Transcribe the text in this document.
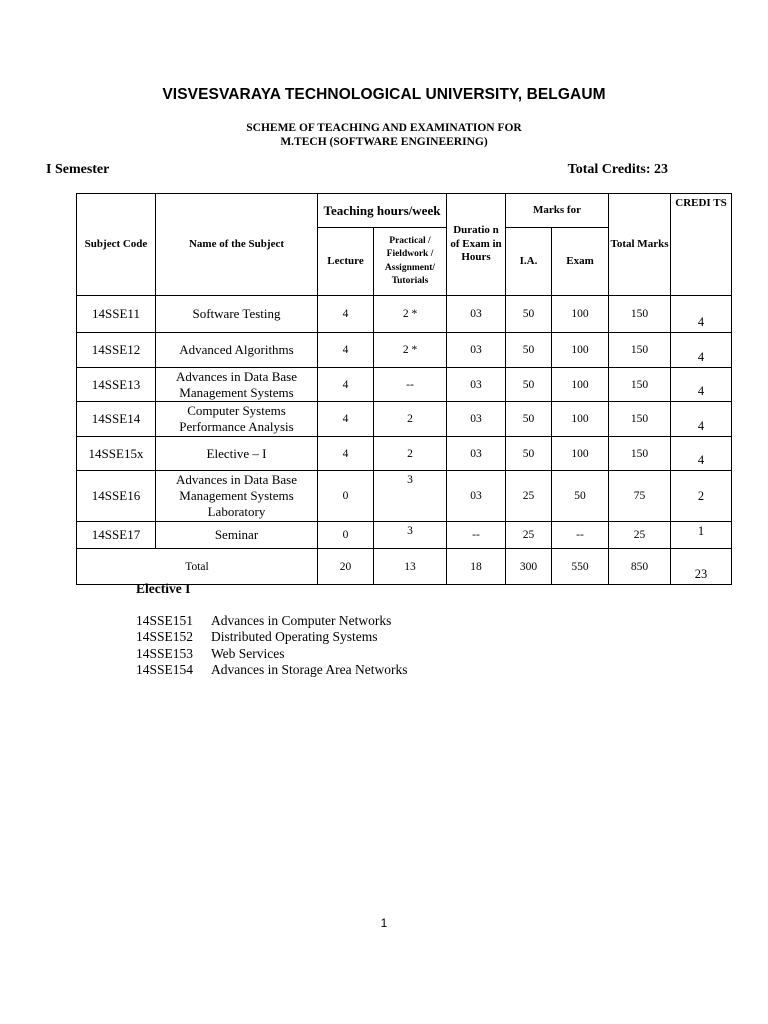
VISVESVARAYA TECHNOLOGICAL UNIVERSITY, BELGAUM
SCHEME OF TEACHING AND EXAMINATION FOR
M.TECH (SOFTWARE ENGINEERING)
I Semester	Total Credits: 23
Subject Code	Name of the Subject	Teaching hours/week		Duratio n of Exam in Hours	Marks for		Total Marks	CREDI TS
		Lecture	Practical / Fieldwork / Assignment/ Tutorials		I.A.	Exam		
14SSE11	Software Testing	4	2 *	03	50	100	150	4
14SSE12	Advanced Algorithms	4	2 *	03	50	100	150	4
14SSE13	Advances in Data Base Management Systems	4	--	03	50	100	150	4
14SSE14	Computer Systems Performance Analysis	4	2	03	50	100	150	4
14SSE15x	Elective – I	4	2	03	50	100	150	4
14SSE16	Advances in Data Base Management Systems Laboratory	0	3	03	25	50	75	2
14SSE17	Seminar	0	3	--	25	--	25	1
Total		20	13	18	300	550	850	23
Elective I
14SSE151	Advances in Computer Networks
14SSE152	Distributed Operating Systems
14SSE153	Web Services
14SSE154	Advances in Storage Area Networks
1
